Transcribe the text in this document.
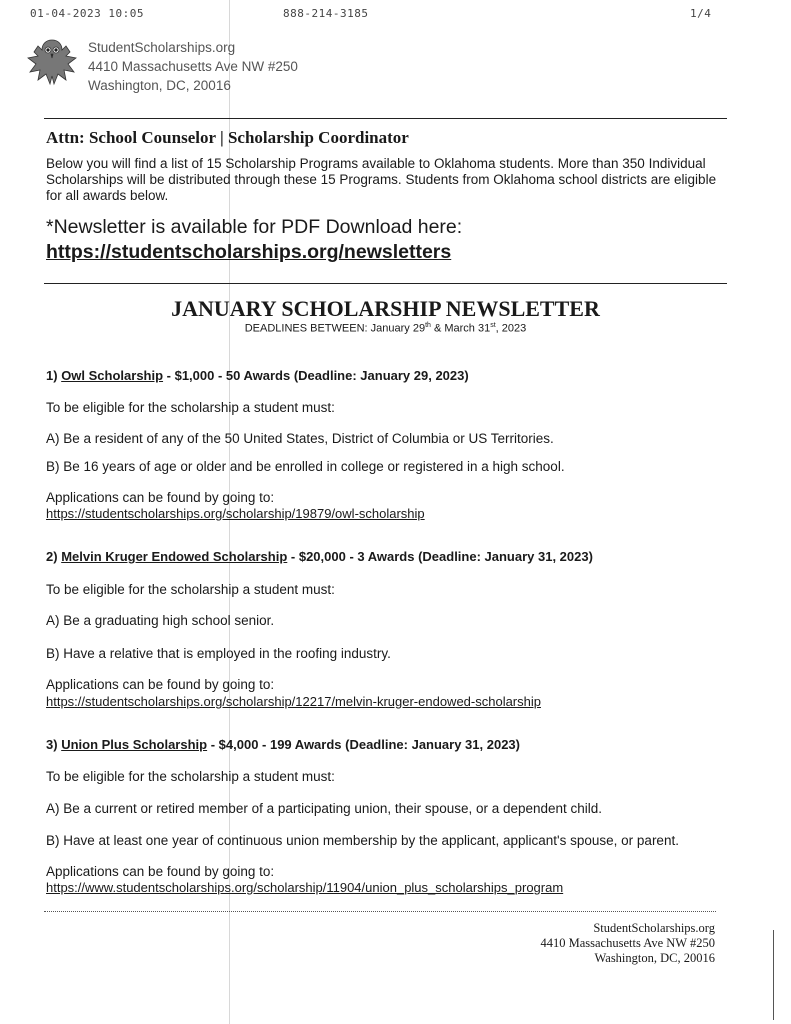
01-04-2023 10:05	888-214-3185	1/4
StudentScholarships.org
4410 Massachusetts Ave NW #250
Washington, DC, 20016
Attn: School Counselor | Scholarship Coordinator
Below you will find a list of 15 Scholarship Programs available to Oklahoma students. More than 350 Individual Scholarships will be distributed through these 15 Programs. Students from Oklahoma school districts are eligible for all awards below.
*Newsletter is available for PDF Download here:
https://studentscholarships.org/newsletters
JANUARY SCHOLARSHIP NEWSLETTER
DEADLINES BETWEEN: January 29th & March 31st, 2023
1) Owl Scholarship - $1,000 - 50 Awards (Deadline: January 29, 2023)
To be eligible for the scholarship a student must:
A) Be a resident of any of the 50 United States, District of Columbia or US Territories.
B) Be 16 years of age or older and be enrolled in college or registered in a high school.
Applications can be found by going to:
https://studentscholarships.org/scholarship/19879/owl-scholarship
2) Melvin Kruger Endowed Scholarship - $20,000 - 3 Awards (Deadline: January 31, 2023)
To be eligible for the scholarship a student must:
A) Be a graduating high school senior.
B) Have a relative that is employed in the roofing industry.
Applications can be found by going to:
https://studentscholarships.org/scholarship/12217/melvin-kruger-endowed-scholarship
3) Union Plus Scholarship - $4,000 - 199 Awards (Deadline: January 31, 2023)
To be eligible for the scholarship a student must:
A) Be a current or retired member of a participating union, their spouse, or a dependent child.
B) Have at least one year of continuous union membership by the applicant, applicant's spouse, or parent.
Applications can be found by going to:
https://www.studentscholarships.org/scholarship/11904/union_plus_scholarships_program
StudentScholarships.org
4410 Massachusetts Ave NW #250
Washington, DC, 20016
